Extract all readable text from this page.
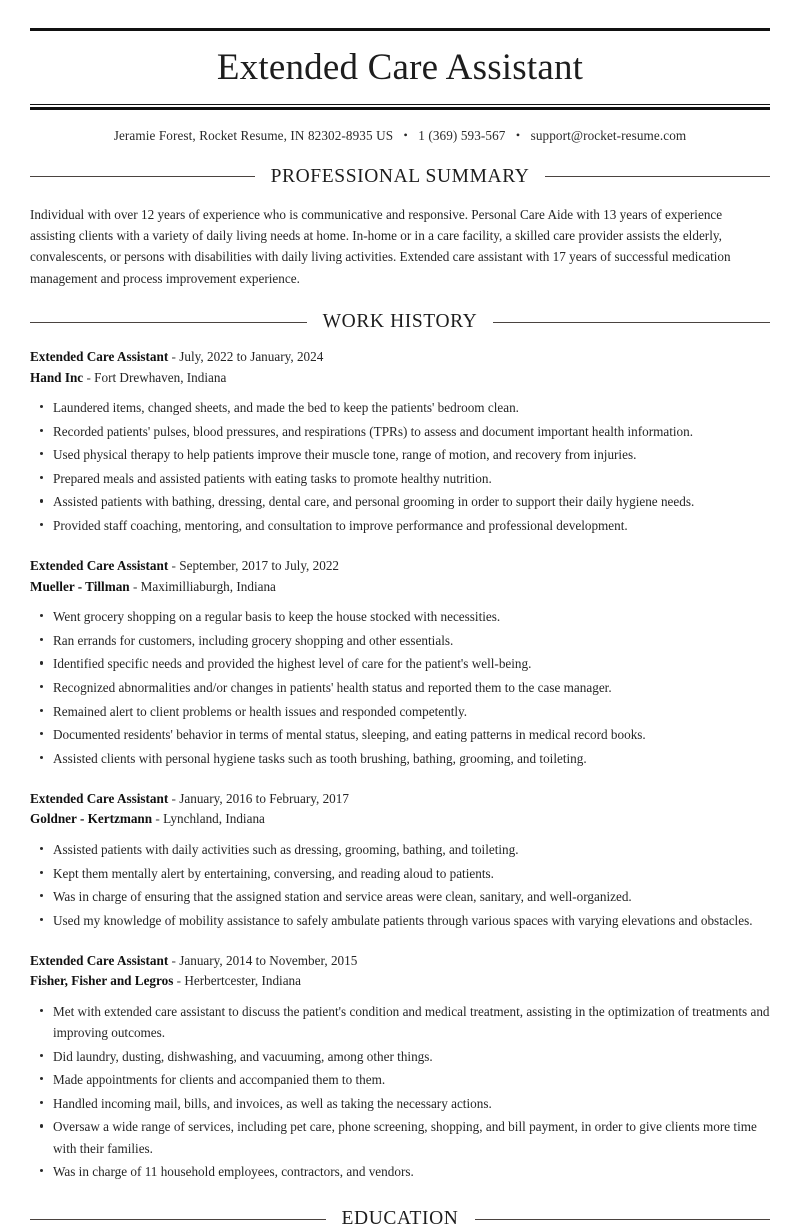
Extended Care Assistant
Jeramie Forest, Rocket Resume, IN 82302-8935 US • 1 (369) 593-567 • support@rocket-resume.com
PROFESSIONAL SUMMARY

Individual with over 12 years of experience who is communicative and responsive. Personal Care Aide with 13 years of experience assisting clients with a variety of daily living needs at home. In-home or in a care facility, a skilled care provider assists the elderly, convalescents, or persons with disabilities with daily living activities. Extended care assistant with 17 years of successful medication management and process improvement experience.

WORK HISTORY
Extended Care Assistant - July, 2022 to January, 2024
Hand Inc - Fort Drewhaven, Indiana
Laundered items, changed sheets, and made the bed to keep the patients' bedroom clean.
Recorded patients' pulses, blood pressures, and respirations (TPRs) to assess and document important health information.
Used physical therapy to help patients improve their muscle tone, range of motion, and recovery from injuries.
Prepared meals and assisted patients with eating tasks to promote healthy nutrition.
Assisted patients with bathing, dressing, dental care, and personal grooming in order to support their daily hygiene needs.
Provided staff coaching, mentoring, and consultation to improve performance and professional development.
Extended Care Assistant - September, 2017 to July, 2022
Mueller - Tillman - Maximilliaburgh, Indiana
Went grocery shopping on a regular basis to keep the house stocked with necessities.
Ran errands for customers, including grocery shopping and other essentials.
Identified specific needs and provided the highest level of care for the patient's well-being.
Recognized abnormalities and/or changes in patients' health status and reported them to the case manager.
Remained alert to client problems or health issues and responded competently.
Documented residents' behavior in terms of mental status, sleeping, and eating patterns in medical record books.
Assisted clients with personal hygiene tasks such as tooth brushing, bathing, grooming, and toileting.
Extended Care Assistant - January, 2016 to February, 2017
Goldner - Kertzmann - Lynchland, Indiana
Assisted patients with daily activities such as dressing, grooming, bathing, and toileting.
Kept them mentally alert by entertaining, conversing, and reading aloud to patients.
Was in charge of ensuring that the assigned station and service areas were clean, sanitary, and well-organized.
Used my knowledge of mobility assistance to safely ambulate patients through various spaces with varying elevations and obstacles.
Extended Care Assistant - January, 2014 to November, 2015
Fisher, Fisher and Legros - Herbertcester, Indiana
Met with extended care assistant to discuss the patient's condition and medical treatment, assisting in the optimization of treatments and improving outcomes.
Did laundry, dusting, dishwashing, and vacuuming, among other things.
Made appointments for clients and accompanied them to them.
Handled incoming mail, bills, and invoices, as well as taking the necessary actions.
Oversaw a wide range of services, including pet care, phone screening, shopping, and bill payment, in order to give clients more time with their families.
Was in charge of 11 household employees, contractors, and vendors.
EDUCATION
